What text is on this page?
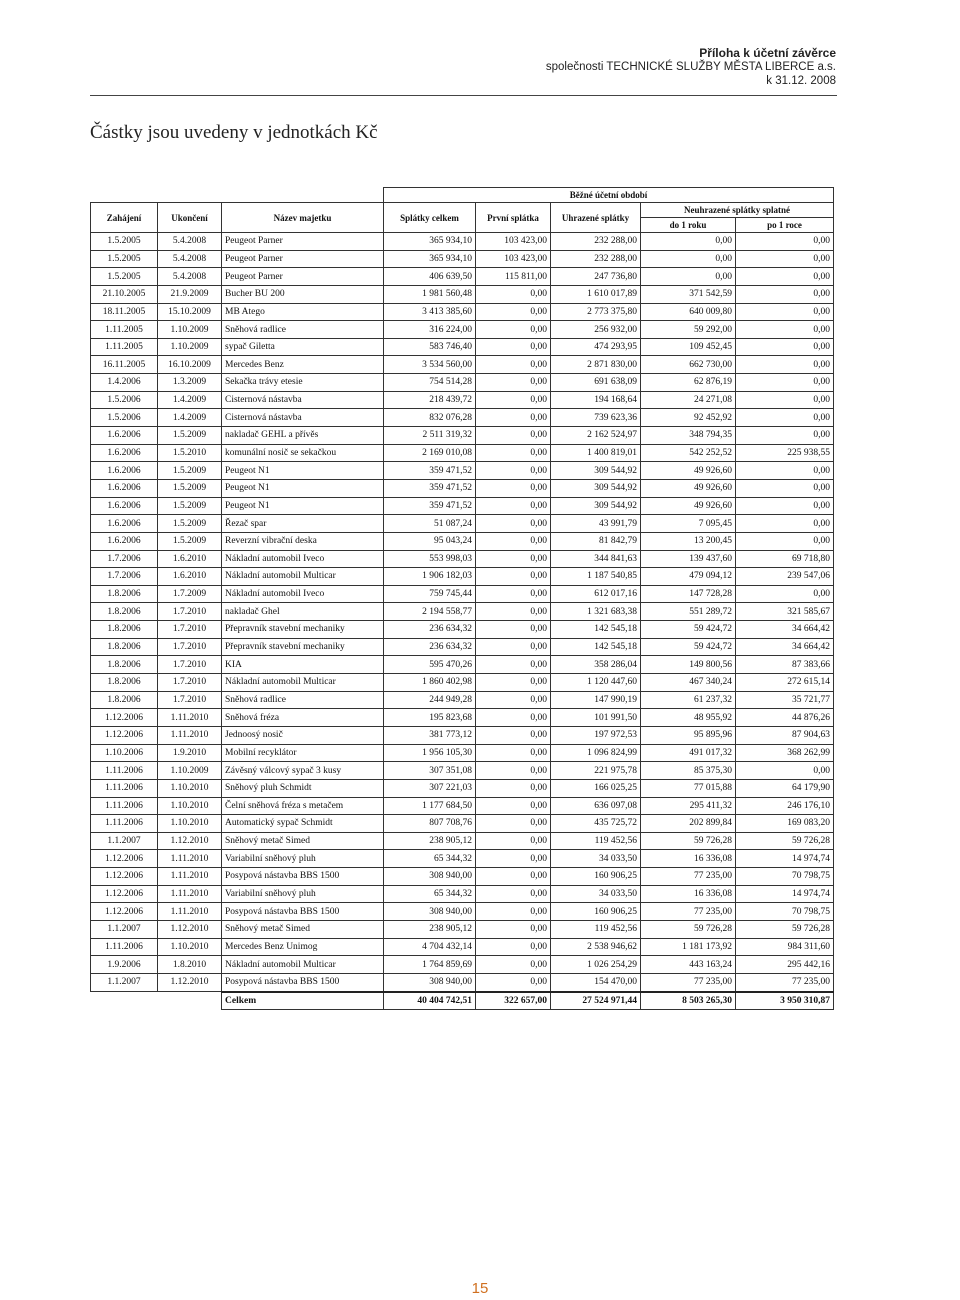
Příloha k účetní závěrce
společnosti TECHNICKÉ SLUŽBY MĚSTA LIBERCE a.s.
k 31.12. 2008
Částky jsou uvedeny v jednotkách Kč
			Běžné účetní období				
Zahájení	Ukončení	Název majetku	Splátky celkem	První splátka	Uhrazené splátky	Neuhrazené splátky splatné	
						do 1 roku	po 1 roce
1.5.2005	5.4.2008	Peugeot Parner	365 934,10	103 423,00	232 288,00	0,00	0,00
1.5.2005	5.4.2008	Peugeot Parner	365 934,10	103 423,00	232 288,00	0,00	0,00
1.5.2005	5.4.2008	Peugeot Parner	406 639,50	115 811,00	247 736,80	0,00	0,00
21.10.2005	21.9.2009	Bucher BU 200	1 981 560,48	0,00	1 610 017,89	371 542,59	0,00
18.11.2005	15.10.2009	MB Atego	3 413 385,60	0,00	2 773 375,80	640 009,80	0,00
1.11.2005	1.10.2009	Sněhová radlice	316 224,00	0,00	256 932,00	59 292,00	0,00
1.11.2005	1.10.2009	sypač Giletta	583 746,40	0,00	474 293,95	109 452,45	0,00
16.11.2005	16.10.2009	Mercedes Benz	3 534 560,00	0,00	2 871 830,00	662 730,00	0,00
1.4.2006	1.3.2009	Sekačka trávy etesie	754 514,28	0,00	691 638,09	62 876,19	0,00
1.5.2006	1.4.2009	Cisternová nástavba	218 439,72	0,00	194 168,64	24 271,08	0,00
1.5.2006	1.4.2009	Cisternová nástavba	832 076,28	0,00	739 623,36	92 452,92	0,00
1.6.2006	1.5.2009	nakladač GEHL a přívěs	2 511 319,32	0,00	2 162 524,97	348 794,35	0,00
1.6.2006	1.5.2010	komunální nosič se sekačkou	2 169 010,08	0,00	1 400 819,01	542 252,52	225 938,55
1.6.2006	1.5.2009	Peugeot N1	359 471,52	0,00	309 544,92	49 926,60	0,00
1.6.2006	1.5.2009	Peugeot N1	359 471,52	0,00	309 544,92	49 926,60	0,00
1.6.2006	1.5.2009	Peugeot N1	359 471,52	0,00	309 544,92	49 926,60	0,00
1.6.2006	1.5.2009	Řezač spar	51 087,24	0,00	43 991,79	7 095,45	0,00
1.6.2006	1.5.2009	Reverzní vibrační deska	95 043,24	0,00	81 842,79	13 200,45	0,00
1.7.2006	1.6.2010	Nákladní automobil Iveco	553 998,03	0,00	344 841,63	139 437,60	69 718,80
1.7.2006	1.6.2010	Nákladní automobil Multicar	1 906 182,03	0,00	1 187 540,85	479 094,12	239 547,06
1.8.2006	1.7.2009	Nákladní automobil Iveco	759 745,44	0,00	612 017,16	147 728,28	0,00
1.8.2006	1.7.2010	nakladač Ghel	2 194 558,77	0,00	1 321 683,38	551 289,72	321 585,67
1.8.2006	1.7.2010	Přepravník stavební mechaniky	236 634,32	0,00	142 545,18	59 424,72	34 664,42
1.8.2006	1.7.2010	Přepravník stavební mechaniky	236 634,32	0,00	142 545,18	59 424,72	34 664,42
1.8.2006	1.7.2010	KIA	595 470,26	0,00	358 286,04	149 800,56	87 383,66
1.8.2006	1.7.2010	Nákladní automobil Multicar	1 860 402,98	0,00	1 120 447,60	467 340,24	272 615,14
1.8.2006	1.7.2010	Sněhová radlice	244 949,28	0,00	147 990,19	61 237,32	35 721,77
1.12.2006	1.11.2010	Sněhová fréza	195 823,68	0,00	101 991,50	48 955,92	44 876,26
1.12.2006	1.11.2010	Jednoosý nosič	381 773,12	0,00	197 972,53	95 895,96	87 904,63
1.10.2006	1.9.2010	Mobilní recyklátor	1 956 105,30	0,00	1 096 824,99	491 017,32	368 262,99
1.11.2006	1.10.2009	Závěsný válcový sypač 3 kusy	307 351,08	0,00	221 975,78	85 375,30	0,00
1.11.2006	1.10.2010	Sněhový pluh Schmidt	307 221,03	0,00	166 025,25	77 015,88	64 179,90
1.11.2006	1.10.2010	Čelní sněhová fréza s metačem	1 177 684,50	0,00	636 097,08	295 411,32	246 176,10
1.11.2006	1.10.2010	Automatický sypač Schmidt	807 708,76	0,00	435 725,72	202 899,84	169 083,20
1.1.2007	1.12.2010	Sněhový metač Simed	238 905,12	0,00	119 452,56	59 726,28	59 726,28
1.12.2006	1.11.2010	Variabilní sněhový pluh	65 344,32	0,00	34 033,50	16 336,08	14 974,74
1.12.2006	1.11.2010	Posypová nástavba BBS 1500	308 940,00	0,00	160 906,25	77 235,00	70 798,75
1.12.2006	1.11.2010	Variabilní sněhový pluh	65 344,32	0,00	34 033,50	16 336,08	14 974,74
1.12.2006	1.11.2010	Posypová nástavba BBS 1500	308 940,00	0,00	160 906,25	77 235,00	70 798,75
1.1.2007	1.12.2010	Sněhový metač Simed	238 905,12	0,00	119 452,56	59 726,28	59 726,28
1.11.2006	1.10.2010	Mercedes Benz Unimog	4 704 432,14	0,00	2 538 946,62	1 181 173,92	984 311,60
1.9.2006	1.8.2010	Nákladní automobil Multicar	1 764 859,69	0,00	1 026 254,29	443 163,24	295 442,16
1.1.2007	1.12.2010	Posypová nástavba BBS 1500	308 940,00	0,00	154 470,00	77 235,00	77 235,00
		Celkem	40 404 742,51	322 657,00	27 524 971,44	8 503 265,30	3 950 310,87
15
